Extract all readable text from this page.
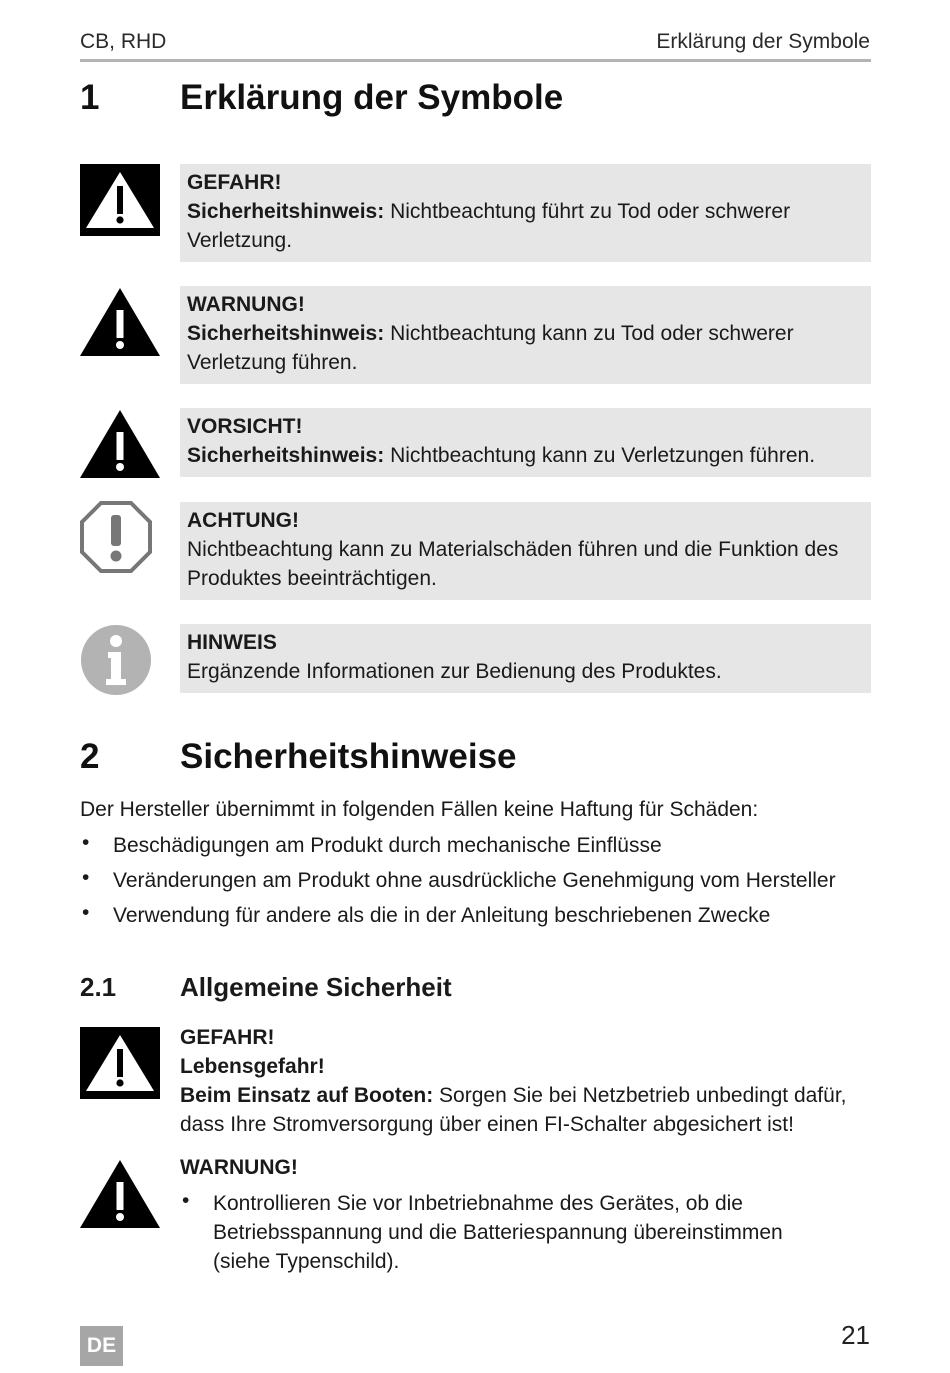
CB, RHD	Erklärung der Symbole
1 Erklärung der Symbole
GEFAHR!
Sicherheitshinweis: Nichtbeachtung führt zu Tod oder schwerer
Verletzung.
WARNUNG!
Sicherheitshinweis: Nichtbeachtung kann zu Tod oder schwerer
Verletzung führen.
VORSICHT!
Sicherheitshinweis: Nichtbeachtung kann zu Verletzungen führen.
ACHTUNG!
Nichtbeachtung kann zu Materialschäden führen und die Funktion des
Produktes beeinträchtigen.
HINWEIS
Ergänzende Informationen zur Bedienung des Produktes.
2 Sicherheitshinweise
Der Hersteller übernimmt in folgenden Fällen keine Haftung für Schäden:
• Beschädigungen am Produkt durch mechanische Einflüsse
• Veränderungen am Produkt ohne ausdrückliche Genehmigung vom Hersteller
• Verwendung für andere als die in der Anleitung beschriebenen Zwecke
2.1 Allgemeine Sicherheit
GEFAHR!
Lebensgefahr!
Beim Einsatz auf Booten: Sorgen Sie bei Netzbetrieb unbedingt dafür,
dass Ihre Stromversorgung über einen FI-Schalter abgesichert ist!
WARNUNG!
• Kontrollieren Sie vor Inbetriebnahme des Gerätes, ob die
Betriebsspannung und die Batteriespannung übereinstimmen
(siehe Typenschild).
DE	21
